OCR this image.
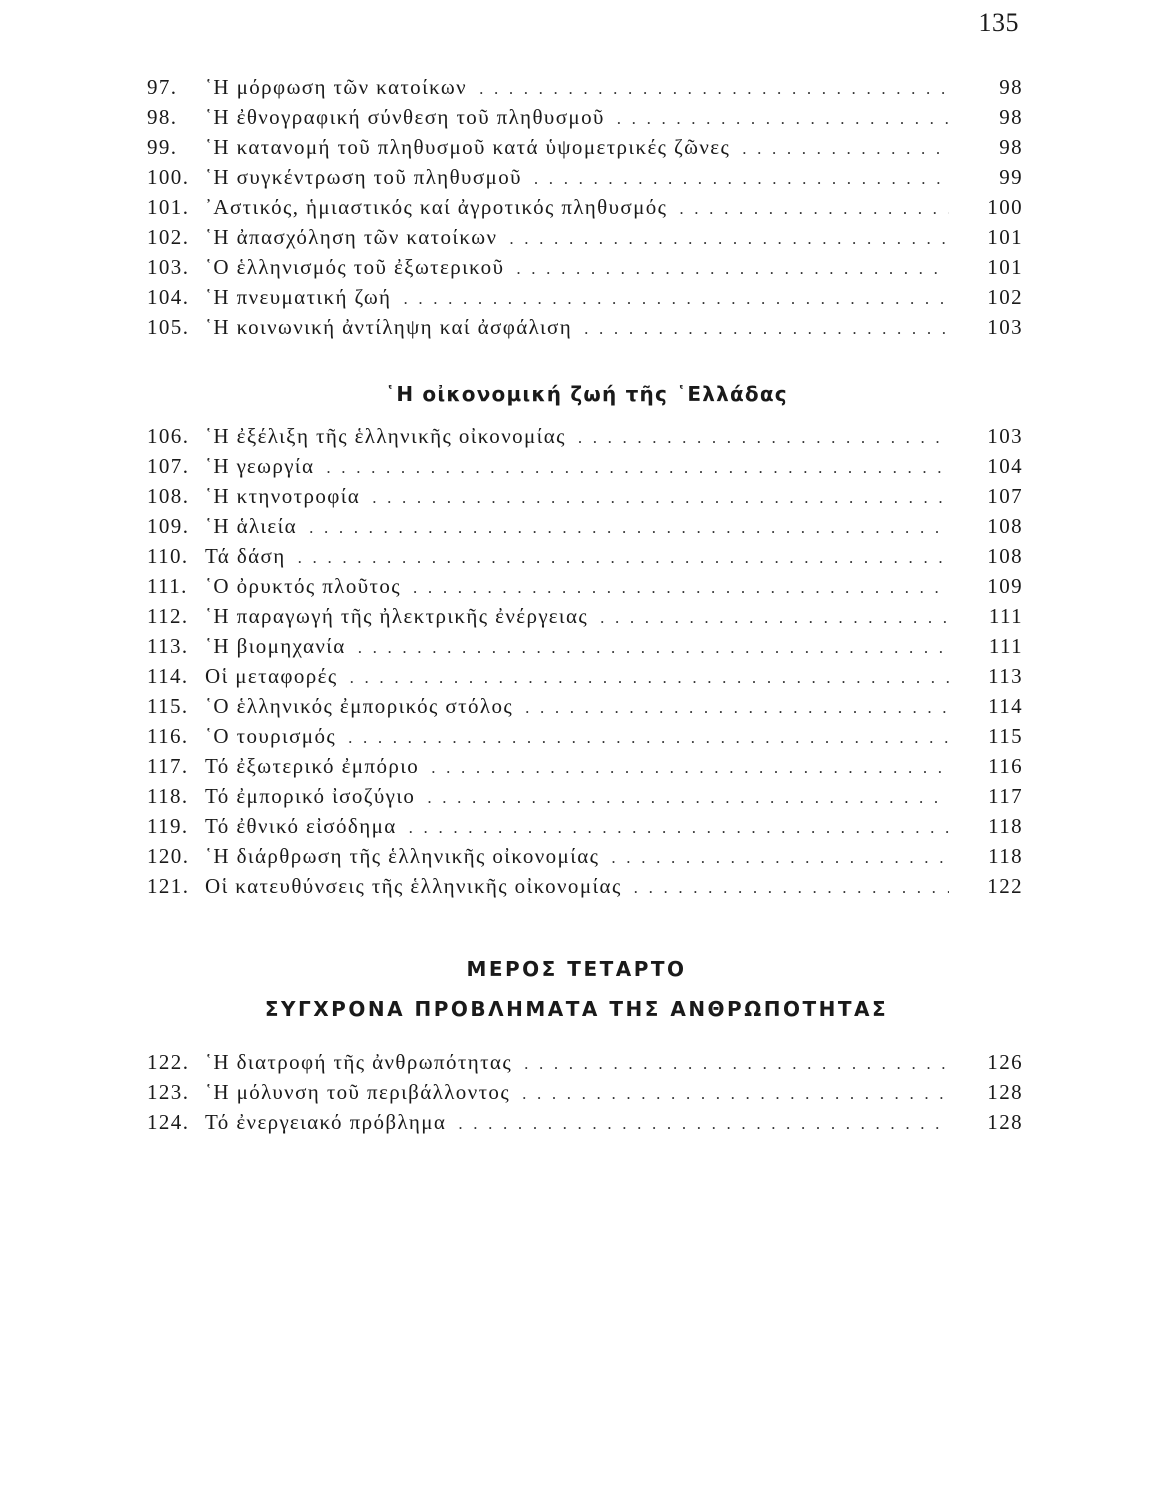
135
97.	῾Η μόρφωση τῶν κατοίκων . . .	98
98.	῾Η ἐθνογραφική σύνθεση τοῦ πληθυσμοῦ . . .	98
99.	῾Η κατανομή τοῦ πληθυσμοῦ κατά ὑψομετρικές ζῶνες . . .	98
100. ῾Η συγκέντρωση τοῦ πληθυσμοῦ . . .	99
101. ᾿Αστικός, ἡμιαστικός καί ἀγροτικός πληθυσμός . . .	100
102. ῾Η ἀπασχόληση τῶν κατοίκων . . .	101
103. ῾Ο ἑλληνισμός τοῦ ἐξωτερικοῦ . . .	101
104. ῾Η πνευματική ζωή . . .	102
105. ῾Η κοινωνική ἀντίληψη καί ἀσφάλιση . . .	103
῾Η οἰκονομική ζωή τῆς ῾Ελλάδας
106. ῾Η ἐξέλιξη τῆς ἑλληνικῆς οἰκονομίας . . .	103
107. ῾Η γεωργία . . .	104
108. ῾Η κτηνοτροφία . . .	107
109. ῾Η ἁλιεία . . .	108
110. Τά δάση . . .	108
111. ῾Ο ὀρυκτός πλοῦτος . . .	109
112. ῾Η παραγωγή τῆς ἠλεκτρικῆς ἐνέργειας . . .	111
113. ῾Η βιομηχανία . . .	111
114. Οἱ μεταφορές . . .	113
115. ῾Ο ἑλληνικός ἐμπορικός στόλος . . .	114
116. ῾Ο τουρισμός . . .	115
117. Τό ἐξωτερικό ἐμπόριο . . .	116
118. Τό ἐμπορικό ἰσοζύγιο . . .	117
119. Τό ἐθνικό εἰσόδημα . . .	118
120. ῾Η διάρθρωση τῆς ἑλληνικῆς οἰκονομίας . . .	118
121. Οἱ κατευθύνσεις τῆς ἑλληνικῆς οἰκονομίας . . .	122
ΜΕΡΟΣ ΤΕΤΑΡΤΟ
ΣΥΓΧΡΟΝΑ ΠΡΟΒΛΗΜΑΤΑ ΤΗΣ ΑΝΘΡΩΠΟΤΗΤΑΣ
122. ῾Η διατροφή τῆς ἀνθρωπότητας . . .	126
123. ῾Η μόλυνση τοῦ περιβάλλοντος . . .	128
124. Τό ἐνεργειακό πρόβλημα . . .	128
